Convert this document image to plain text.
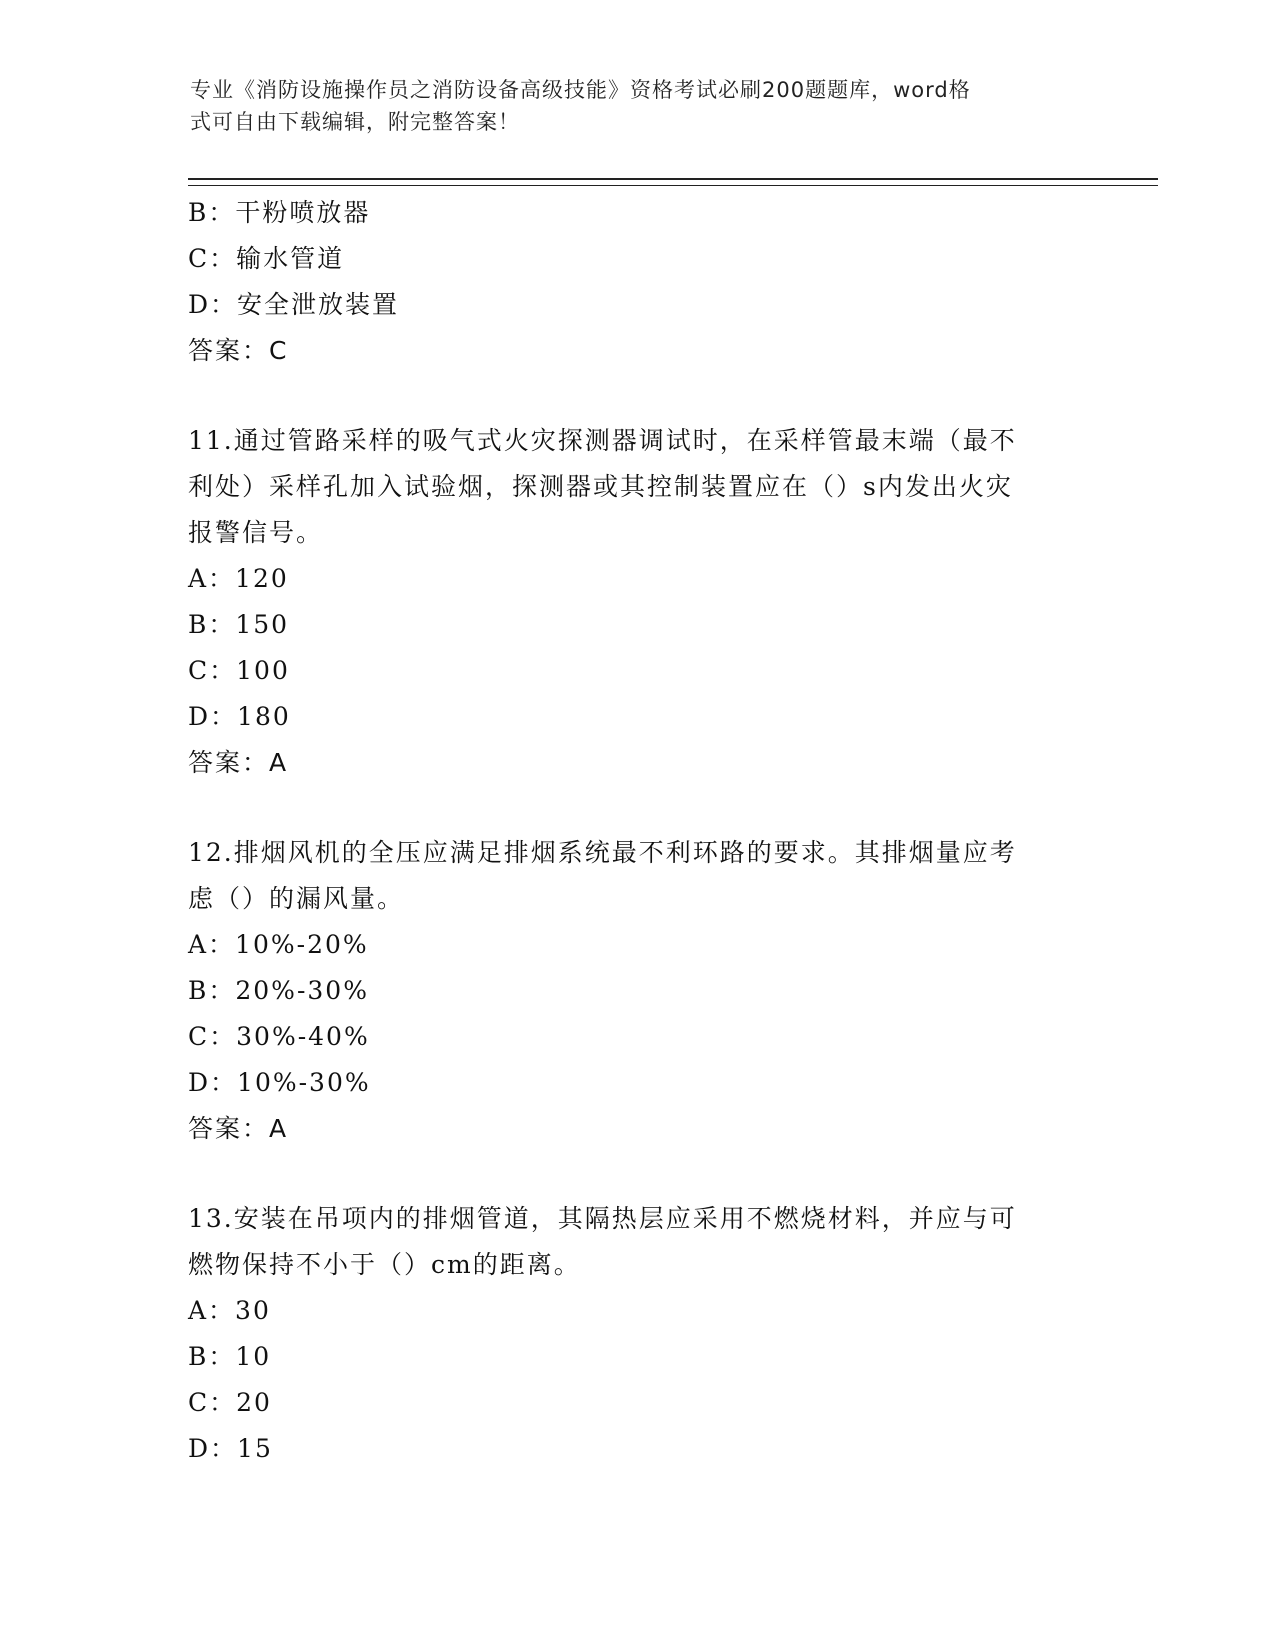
专业《消防设施操作员之消防设备高级技能》资格考试必刷200题题库，word格
式可自由下载编辑，附完整答案！
B：干粉喷放器
C：输水管道
D：安全泄放装置
答案：C
11.通过管路采样的吸气式火灾探测器调试时，在采样管最末端（最不
利处）采样孔加入试验烟，探测器或其控制装置应在（）s内发出火灾
报警信号。
A：120
B：150
C：100
D：180
答案：A
12.排烟风机的全压应满足排烟系统最不利环路的要求。其排烟量应考
虑（）的漏风量。
A：10%-20%
B：20%-30%
C：30%-40%
D：10%-30%
答案：A
13.安装在吊项内的排烟管道，其隔热层应采用不燃烧材料，并应与可
燃物保持不小于（）cm的距离。
A：30
B：10
C：20
D：15
